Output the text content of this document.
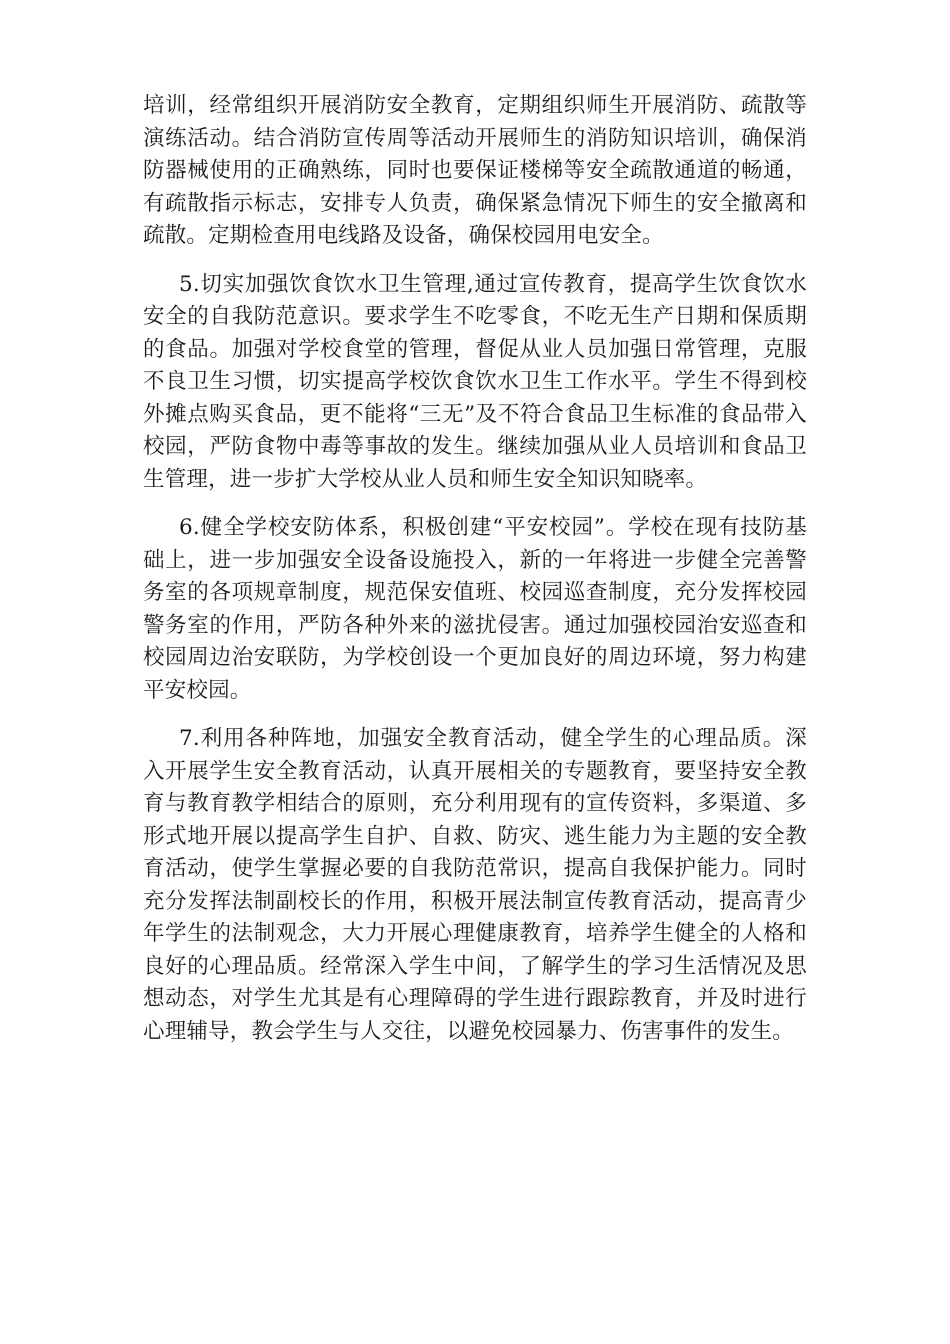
培训，经常组织开展消防安全教育，定期组织师生开展消防、疏散等演练活动。结合消防宣传周等活动开展师生的消防知识培训，确保消防器械使用的正确熟练，同时也要保证楼梯等安全疏散通道的畅通，有疏散指示标志，安排专人负责，确保紧急情况下师生的安全撤离和疏散。定期检查用电线路及设备，确保校园用电安全。

5.切实加强饮食饮水卫生管理,通过宣传教育，提高学生饮食饮水安全的自我防范意识。要求学生不吃零食，不吃无生产日期和保质期的食品。加强对学校食堂的管理，督促从业人员加强日常管理，克服不良卫生习惯，切实提高学校饮食饮水卫生工作水平。学生不得到校外摊点购买食品，更不能将“三无”及不符合食品卫生标准的食品带入校园，严防食物中毒等事故的发生。继续加强从业人员培训和食品卫生管理，进一步扩大学校从业人员和师生安全知识知晓率。

6.健全学校安防体系，积极创建“平安校园”。学校在现有技防基础上，进一步加强安全设备设施投入，新的一年将进一步健全完善警务室的各项规章制度，规范保安值班、校园巡查制度，充分发挥校园警务室的作用，严防各种外来的滋扰侵害。通过加强校园治安巡查和校园周边治安联防，为学校创设一个更加良好的周边环境，努力构建平安校园。

7.利用各种阵地，加强安全教育活动，健全学生的心理品质。深入开展学生安全教育活动，认真开展相关的专题教育，要坚持安全教育与教育教学相结合的原则，充分利用现有的宣传资料，多渠道、多形式地开展以提高学生自护、自救、防灾、逃生能力为主题的安全教育活动，使学生掌握必要的自我防范常识，提高自我保护能力。同时充分发挥法制副校长的作用，积极开展法制宣传教育活动，提高青少年学生的法制观念，大力开展心理健康教育，培养学生健全的人格和良好的心理品质。经常深入学生中间，了解学生的学习生活情况及思想动态，对学生尤其是有心理障碍的学生进行跟踪教育，并及时进行心理辅导，教会学生与人交往，以避免校园暴力、伤害事件的发生。
